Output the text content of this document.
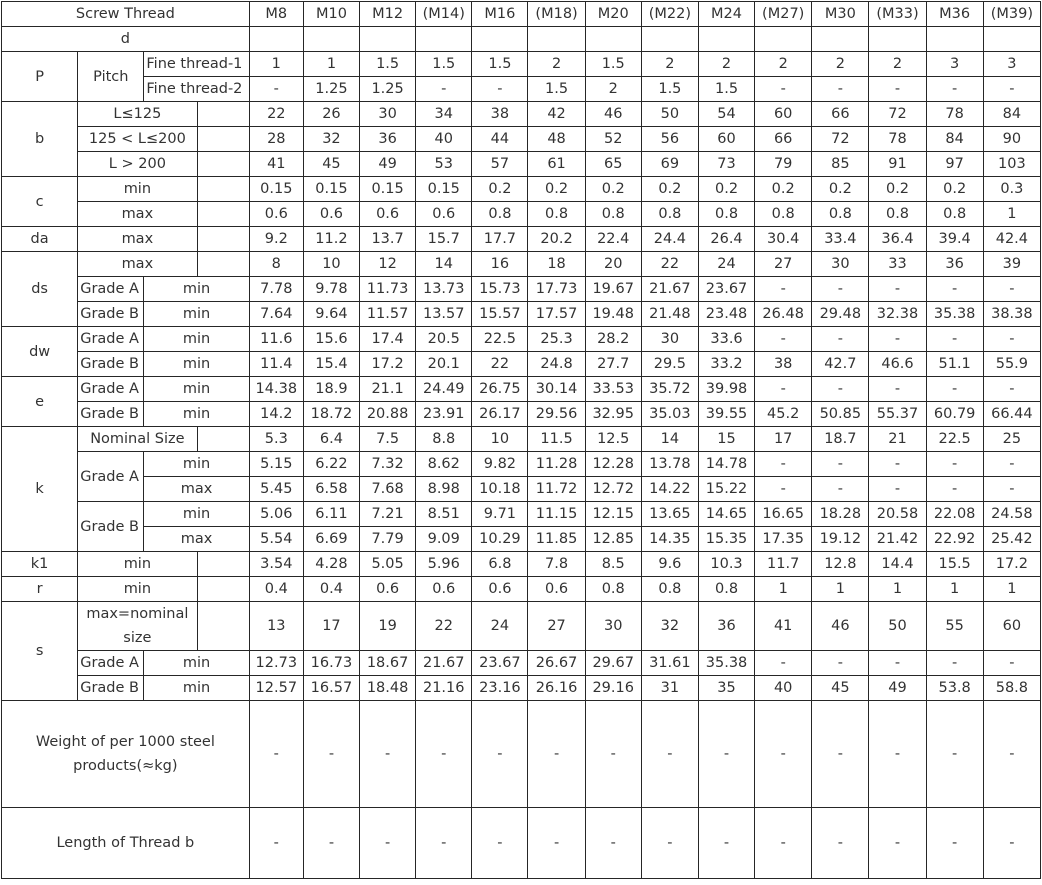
Screw Thread				M8	M10	M12	(M14)	M16	(M18)	M20	(M22)	M24	(M27)	M30	(M33)	M36	(M39)
d																	
P	Pitch	Fine thread-1		1	1	1.5	1.5	1.5	2	1.5	2	2	2	2	2	3	3
		Fine thread-2		-	1.25	1.25	-	-	1.5	2	1.5	1.5	-	-	-	-	-
b	L≤125			22	26	30	34	38	42	46	50	54	60	66	72	78	84
	125 < L≤200			28	32	36	40	44	48	52	56	60	66	72	78	84	90
	L > 200			41	45	49	53	57	61	65	69	73	79	85	91	97	103
c	min			0.15	0.15	0.15	0.15	0.2	0.2	0.2	0.2	0.2	0.2	0.2	0.2	0.2	0.3
	max			0.6	0.6	0.6	0.6	0.8	0.8	0.8	0.8	0.8	0.8	0.8	0.8	0.8	1
da	max			9.2	11.2	13.7	15.7	17.7	20.2	22.4	24.4	26.4	30.4	33.4	36.4	39.4	42.4
ds	max			8	10	12	14	16	18	20	22	24	27	30	33	36	39
	Grade A	min		7.78	9.78	11.73	13.73	15.73	17.73	19.67	21.67	23.67	-	-	-	-	-
	Grade B	min		7.64	9.64	11.57	13.57	15.57	17.57	19.48	21.48	23.48	26.48	29.48	32.38	35.38	38.38
dw	Grade A	min		11.6	15.6	17.4	20.5	22.5	25.3	28.2	30	33.6	-	-	-	-	-
	Grade B	min		11.4	15.4	17.2	20.1	22	24.8	27.7	29.5	33.2	38	42.7	46.6	51.1	55.9
e	Grade A	min		14.38	18.9	21.1	24.49	26.75	30.14	33.53	35.72	39.98	-	-	-	-	-
	Grade B	min		14.2	18.72	20.88	23.91	26.17	29.56	32.95	35.03	39.55	45.2	50.85	55.37	60.79	66.44
k	Nominal Size			5.3	6.4	7.5	8.8	10	11.5	12.5	14	15	17	18.7	21	22.5	25
	Grade A	min		5.15	6.22	7.32	8.62	9.82	11.28	12.28	13.78	14.78	-	-	-	-	-
		max		5.45	6.58	7.68	8.98	10.18	11.72	12.72	14.22	15.22	-	-	-	-	-
	Grade B	min		5.06	6.11	7.21	8.51	9.71	11.15	12.15	13.65	14.65	16.65	18.28	20.58	22.08	24.58
		max		5.54	6.69	7.79	9.09	10.29	11.85	12.85	14.35	15.35	17.35	19.12	21.42	22.92	25.42
k1	min			3.54	4.28	5.05	5.96	6.8	7.8	8.5	9.6	10.3	11.7	12.8	14.4	15.5	17.2
r	min			0.4	0.4	0.6	0.6	0.6	0.6	0.8	0.8	0.8	1	1	1	1	1
s	max=nominal size			13	17	19	22	24	27	30	32	36	41	46	50	55	60
	Grade A	min		12.73	16.73	18.67	21.67	23.67	26.67	29.67	31.61	35.38	-	-	-	-	-
	Grade B	min		12.57	16.57	18.48	21.16	23.16	26.16	29.16	31	35	40	45	49	53.8	58.8
Weight of per 1000 steel products(≈kg)				-	-	-	-	-	-	-	-	-	-	-	-	-	-
Length of Thread b				-	-	-	-	-	-	-	-	-	-	-	-	-	-
